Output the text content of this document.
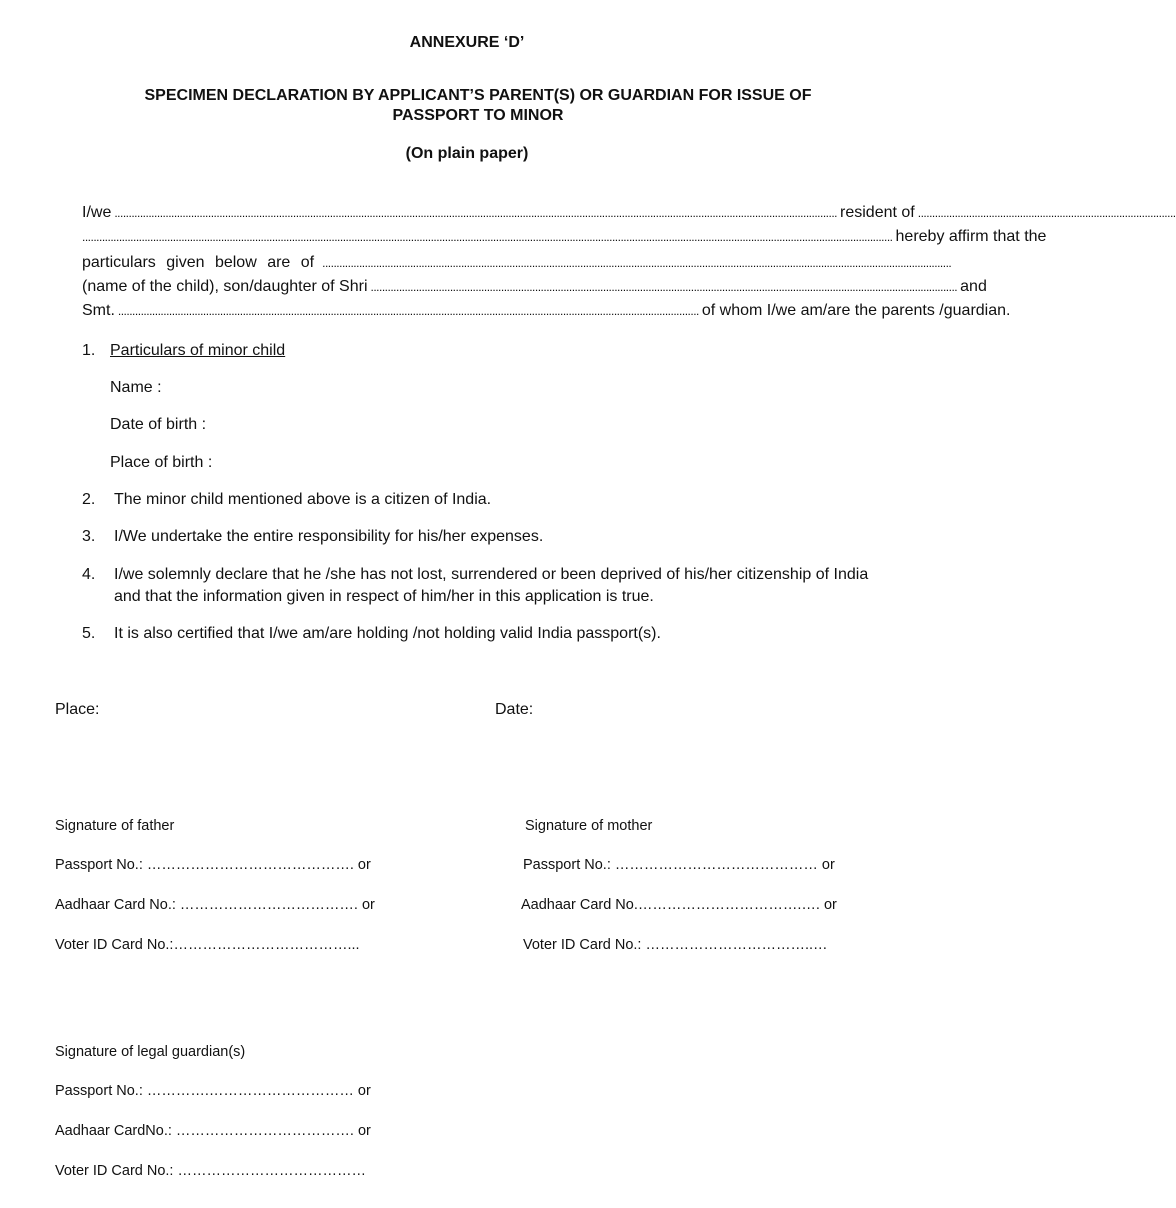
ANNEXURE ‘D’
SPECIMEN DECLARATION BY APPLICANT’S PARENT(S) OR GUARDIAN FOR ISSUE OF
PASSPORT TO MINOR
(On plain paper)
I/we ............................................................................................................................................................................................................................................................... resident of ...........................................................................................
.............................................................................................................................................................................................................................................................................................. hereby affirm that the
particulars given below are of ..............................................................................................................................................................................................................................
(name of the child), son/daughter of Shri ............................................................................................................................................................................................................... and
Smt. ............................................................................................................................................................................................................. of whom I/we am/are the parents /guardian.
1. Particulars of minor child
Name :
Date of birth :
Place of birth :
2. The minor child mentioned above is a citizen of India.
3. I/We undertake the entire responsibility for his/her expenses.
4. I/we solemnly declare that he /she has not lost, surrendered or been deprived of his/her citizenship of India and that the information given in respect of him/her in this application is true.
5. It is also certified that I/we am/are holding /not holding valid India passport(s).
Place:	Date:
Signature of father
Passport No.: ……………………………………. or
Aadhaar Card No.: ………………………………. or
Voter ID Card No.:………………………………...
Signature of mother
Passport No.: …………………………………… or
Aadhaar Card No.…………………………….…. or
Voter ID Card No.: ……………………………..…
Signature of legal guardian(s)
Passport No.: ………….………………………… or
Aadhaar CardNo.: ………………………………. or
Voter ID Card No.: …………………………………
